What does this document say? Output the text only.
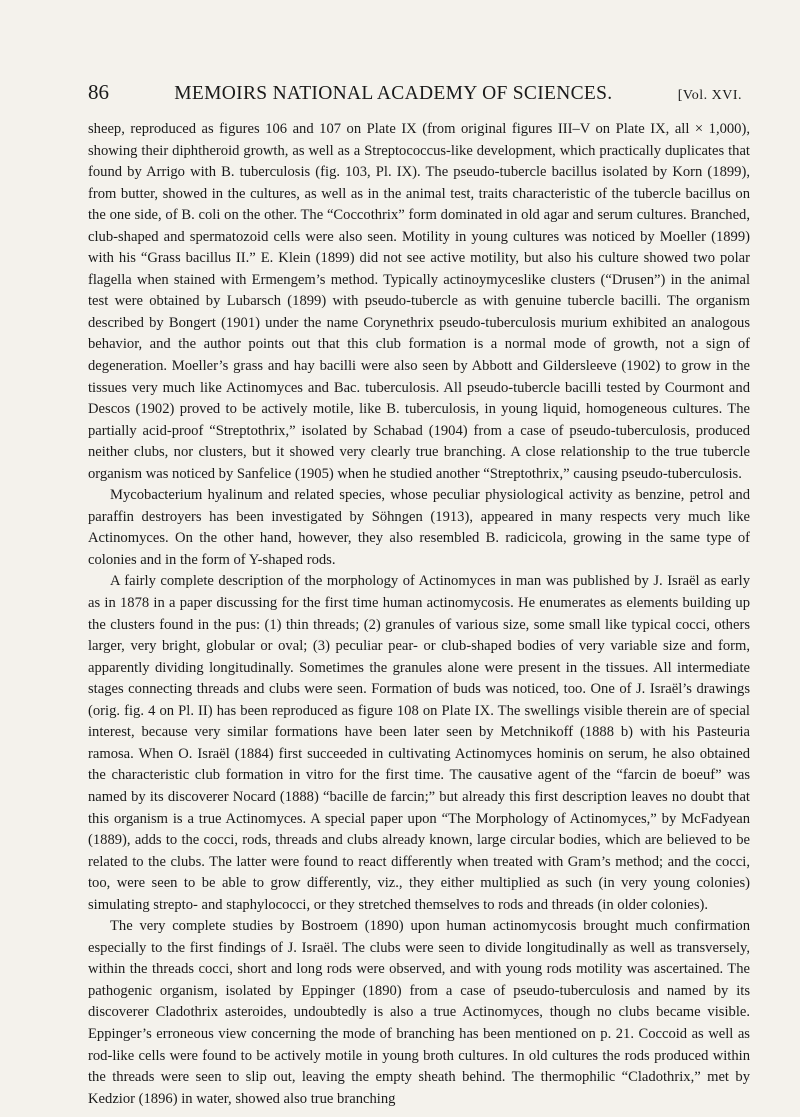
86	MEMOIRS NATIONAL ACADEMY OF SCIENCES.	[Vol. XVI.

sheep, reproduced as figures 106 and 107 on Plate IX (from original figures III–V on Plate IX, all × 1,000), showing their diphtheroid growth, as well as a Streptococcus-like development, which practically duplicates that found by Arrigo with B. tuberculosis (fig. 103, Pl. IX). The pseudo-tubercle bacillus isolated by Korn (1899), from butter, showed in the cultures, as well as in the animal test, traits characteristic of the tubercle bacillus on the one side, of B. coli on the other. The “Coccothrix” form dominated in old agar and serum cultures. Branched, club-shaped and spermatozoid cells were also seen. Motility in young cultures was noticed by Moeller (1899) with his “Grass bacillus II.” E. Klein (1899) did not see active motility, but also his culture showed two polar flagella when stained with Ermengem’s method. Typically actinoymyceslike clusters (“Drusen”) in the animal test were obtained by Lubarsch (1899) with pseudo-tubercle as with genuine tubercle bacilli. The organism described by Bongert (1901) under the name Corynethrix pseudo-tuberculosis murium exhibited an analogous behavior, and the author points out that this club formation is a normal mode of growth, not a sign of degeneration. Moeller’s grass and hay bacilli were also seen by Abbott and Gildersleeve (1902) to grow in the tissues very much like Actinomyces and Bac. tuberculosis. All pseudo-tubercle bacilli tested by Courmont and Descos (1902) proved to be actively motile, like B. tuberculosis, in young liquid, homogeneous cultures. The partially acid-proof “Streptothrix,” isolated by Schabad (1904) from a case of pseudo-tuberculosis, produced neither clubs, nor clusters, but it showed very clearly true branching. A close relationship to the true tubercle organism was noticed by Sanfelice (1905) when he studied another “Streptothrix,” causing pseudo-tuberculosis.

Mycobacterium hyalinum and related species, whose peculiar physiological activity as benzine, petrol and paraffin destroyers has been investigated by Söhngen (1913), appeared in many respects very much like Actinomyces. On the other hand, however, they also resembled B. radicicola, growing in the same type of colonies and in the form of Y-shaped rods.

A fairly complete description of the morphology of Actinomyces in man was published by J. Israël as early as in 1878 in a paper discussing for the first time human actinomycosis. He enumerates as elements building up the clusters found in the pus: (1) thin threads; (2) granules of various size, some small like typical cocci, others larger, very bright, globular or oval; (3) peculiar pear- or club-shaped bodies of very variable size and form, apparently dividing longitudinally. Sometimes the granules alone were present in the tissues. All intermediate stages connecting threads and clubs were seen. Formation of buds was noticed, too. One of J. Israël’s drawings (orig. fig. 4 on Pl. II) has been reproduced as figure 108 on Plate IX. The swellings visible therein are of special interest, because very similar formations have been later seen by Metchnikoff (1888 b) with his Pasteuria ramosa. When O. Israël (1884) first succeeded in cultivating Actinomyces hominis on serum, he also obtained the characteristic club formation in vitro for the first time. The causative agent of the “farcin de boeuf” was named by its discoverer Nocard (1888) “bacille de farcin;” but already this first description leaves no doubt that this organism is a true Actinomyces. A special paper upon “The Morphology of Actinomyces,” by McFadyean (1889), adds to the cocci, rods, threads and clubs already known, large circular bodies, which are believed to be related to the clubs. The latter were found to react differently when treated with Gram’s method; and the cocci, too, were seen to be able to grow differently, viz., they either multiplied as such (in very young colonies) simulating strepto- and staphylococci, or they stretched themselves to rods and threads (in older colonies).

The very complete studies by Bostroem (1890) upon human actinomycosis brought much confirmation especially to the first findings of J. Israël. The clubs were seen to divide longitudinally as well as transversely, within the threads cocci, short and long rods were observed, and with young rods motility was ascertained. The pathogenic organism, isolated by Eppinger (1890) from a case of pseudo-tuberculosis and named by its discoverer Cladothrix asteroides, undoubtedly is also a true Actinomyces, though no clubs became visible. Eppinger’s erroneous view concerning the mode of branching has been mentioned on p. 21. Coccoid as well as rod-like cells were found to be actively motile in young broth cultures. In old cultures the rods produced within the threads were seen to slip out, leaving the empty sheath behind. The thermophilic “Cladothrix,” met by Kedzior (1896) in water, showed also true branching
